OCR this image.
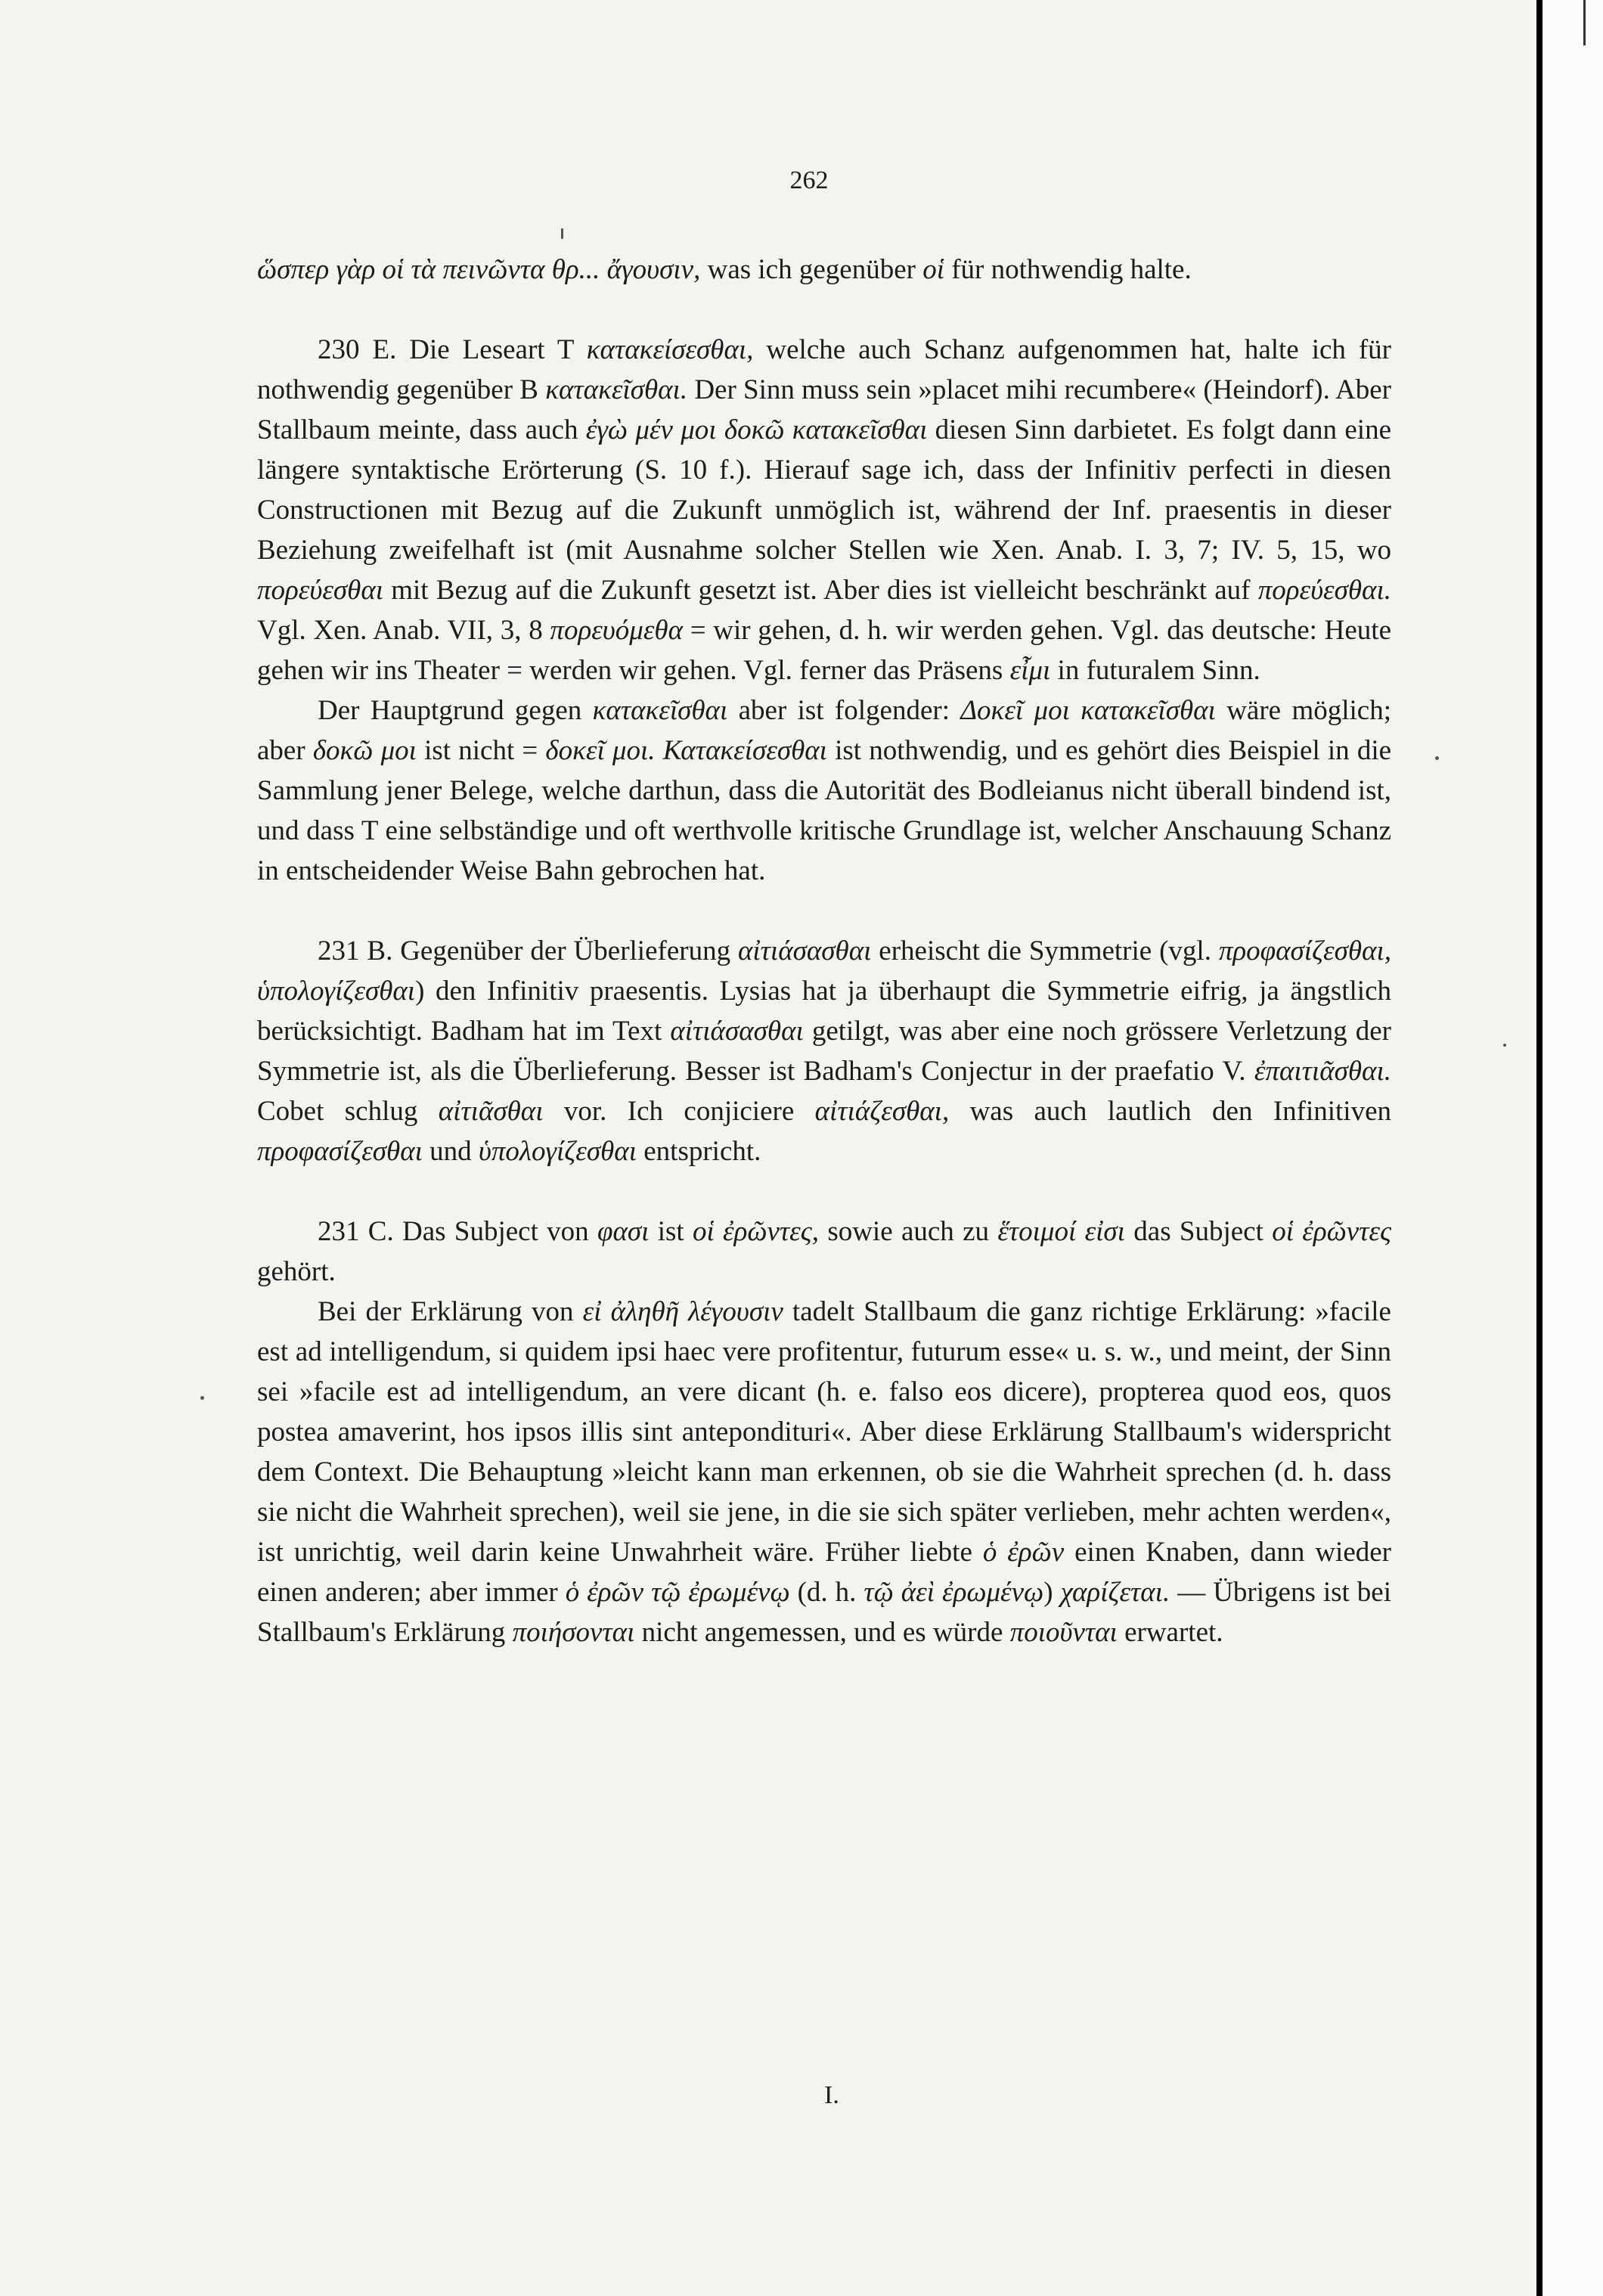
262

ὥσπερ γὰρ οἱ τὰ πεινῶντα θρ... ἄγουσιν, was ich gegenüber οἱ für nothwendig halte.

230 E. Die Leseart T κατακείσεσθαι, welche auch Schanz aufgenommen hat, halte ich für nothwendig gegenüber B κατακεῖσθαι. Der Sinn muss sein »placet mihi recumbere« (Heindorf). Aber Stallbaum meinte, dass auch ἐγὼ μέν μοι δοκῶ κατακεῖσθαι diesen Sinn darbietet. Es folgt dann eine längere syntaktische Erörterung (S. 10 f.). Hierauf sage ich, dass der Infinitiv perfecti in diesen Constructionen mit Bezug auf die Zukunft unmöglich ist, während der Inf. praesentis in dieser Beziehung zweifelhaft ist (mit Ausnahme solcher Stellen wie Xen. Anab. I. 3, 7; IV. 5, 15, wo πορεύεσθαι mit Bezug auf die Zukunft gesetzt ist. Aber dies ist vielleicht beschränkt auf πορεύεσθαι. Vgl. Xen. Anab. VII, 3, 8 πορευόμεθα = wir gehen, d. h. wir werden gehen. Vgl. das deutsche: Heute gehen wir ins Theater = werden wir gehen. Vgl. ferner das Präsens εἶμι in futuralem Sinn.

Der Hauptgrund gegen κατακεῖσθαι aber ist folgender: Δοκεῖ μοι κατακεῖσθαι wäre möglich; aber δοκῶ μοι ist nicht = δοκεῖ μοι. Κατακείσεσθαι ist nothwendig, und es gehört dies Beispiel in die Sammlung jener Belege, welche darthun, dass die Autorität des Bodleianus nicht überall bindend ist, und dass T eine selbständige und oft werthvolle kritische Grundlage ist, welcher Anschauung Schanz in entscheidender Weise Bahn gebrochen hat.

231 B. Gegenüber der Überlieferung αἰτιάσασθαι erheischt die Symmetrie (vgl. προφασίζεσθαι, ὑπολογίζεσθαι) den Infinitiv praesentis. Lysias hat ja überhaupt die Symmetrie eifrig, ja ängstlich berücksichtigt. Badham hat im Text αἰτιάσασθαι getilgt, was aber eine noch grössere Verletzung der Symmetrie ist, als die Überlieferung. Besser ist Badham's Conjectur in der praefatio V. ἐπαιτιᾶσθαι. Cobet schlug αἰτιᾶσθαι vor. Ich conjiciere αἰτιάζεσθαι, was auch lautlich den Infinitiven προφασίζεσθαι und ὑπολογίζεσθαι entspricht.

231 C. Das Subject von φασι ist οἱ ἐρῶντες, sowie auch zu ἕτοιμοί εἰσι das Subject οἱ ἐρῶντες gehört.

Bei der Erklärung von εἰ ἀληθῆ λέγουσιν tadelt Stallbaum die ganz richtige Erklärung: »facile est ad intelligendum, si quidem ipsi haec vere profitentur, futurum esse« u. s. w., und meint, der Sinn sei »facile est ad intelligendum, an vere dicant (h. e. falso eos dicere), propterea quod eos, quos postea amaverint, hos ipsos illis sint antepondituri«. Aber diese Erklärung Stallbaum's widerspricht dem Context. Die Behauptung »leicht kann man erkennen, ob sie die Wahrheit sprechen (d. h. dass sie nicht die Wahrheit sprechen), weil sie jene, in die sie sich später verlieben, mehr achten werden«, ist unrichtig, weil darin keine Unwahrheit wäre. Früher liebte ὁ ἐρῶν einen Knaben, dann wieder einen anderen; aber immer ὁ ἐρῶν τῷ ἐρωμένῳ (d. h. τῷ ἀεὶ ἐρωμένῳ) χαρίζεται. — Übrigens ist bei Stallbaum's Erklärung ποιήσονται nicht angemessen, und es würde ποιοῦνται erwartet.

I.
